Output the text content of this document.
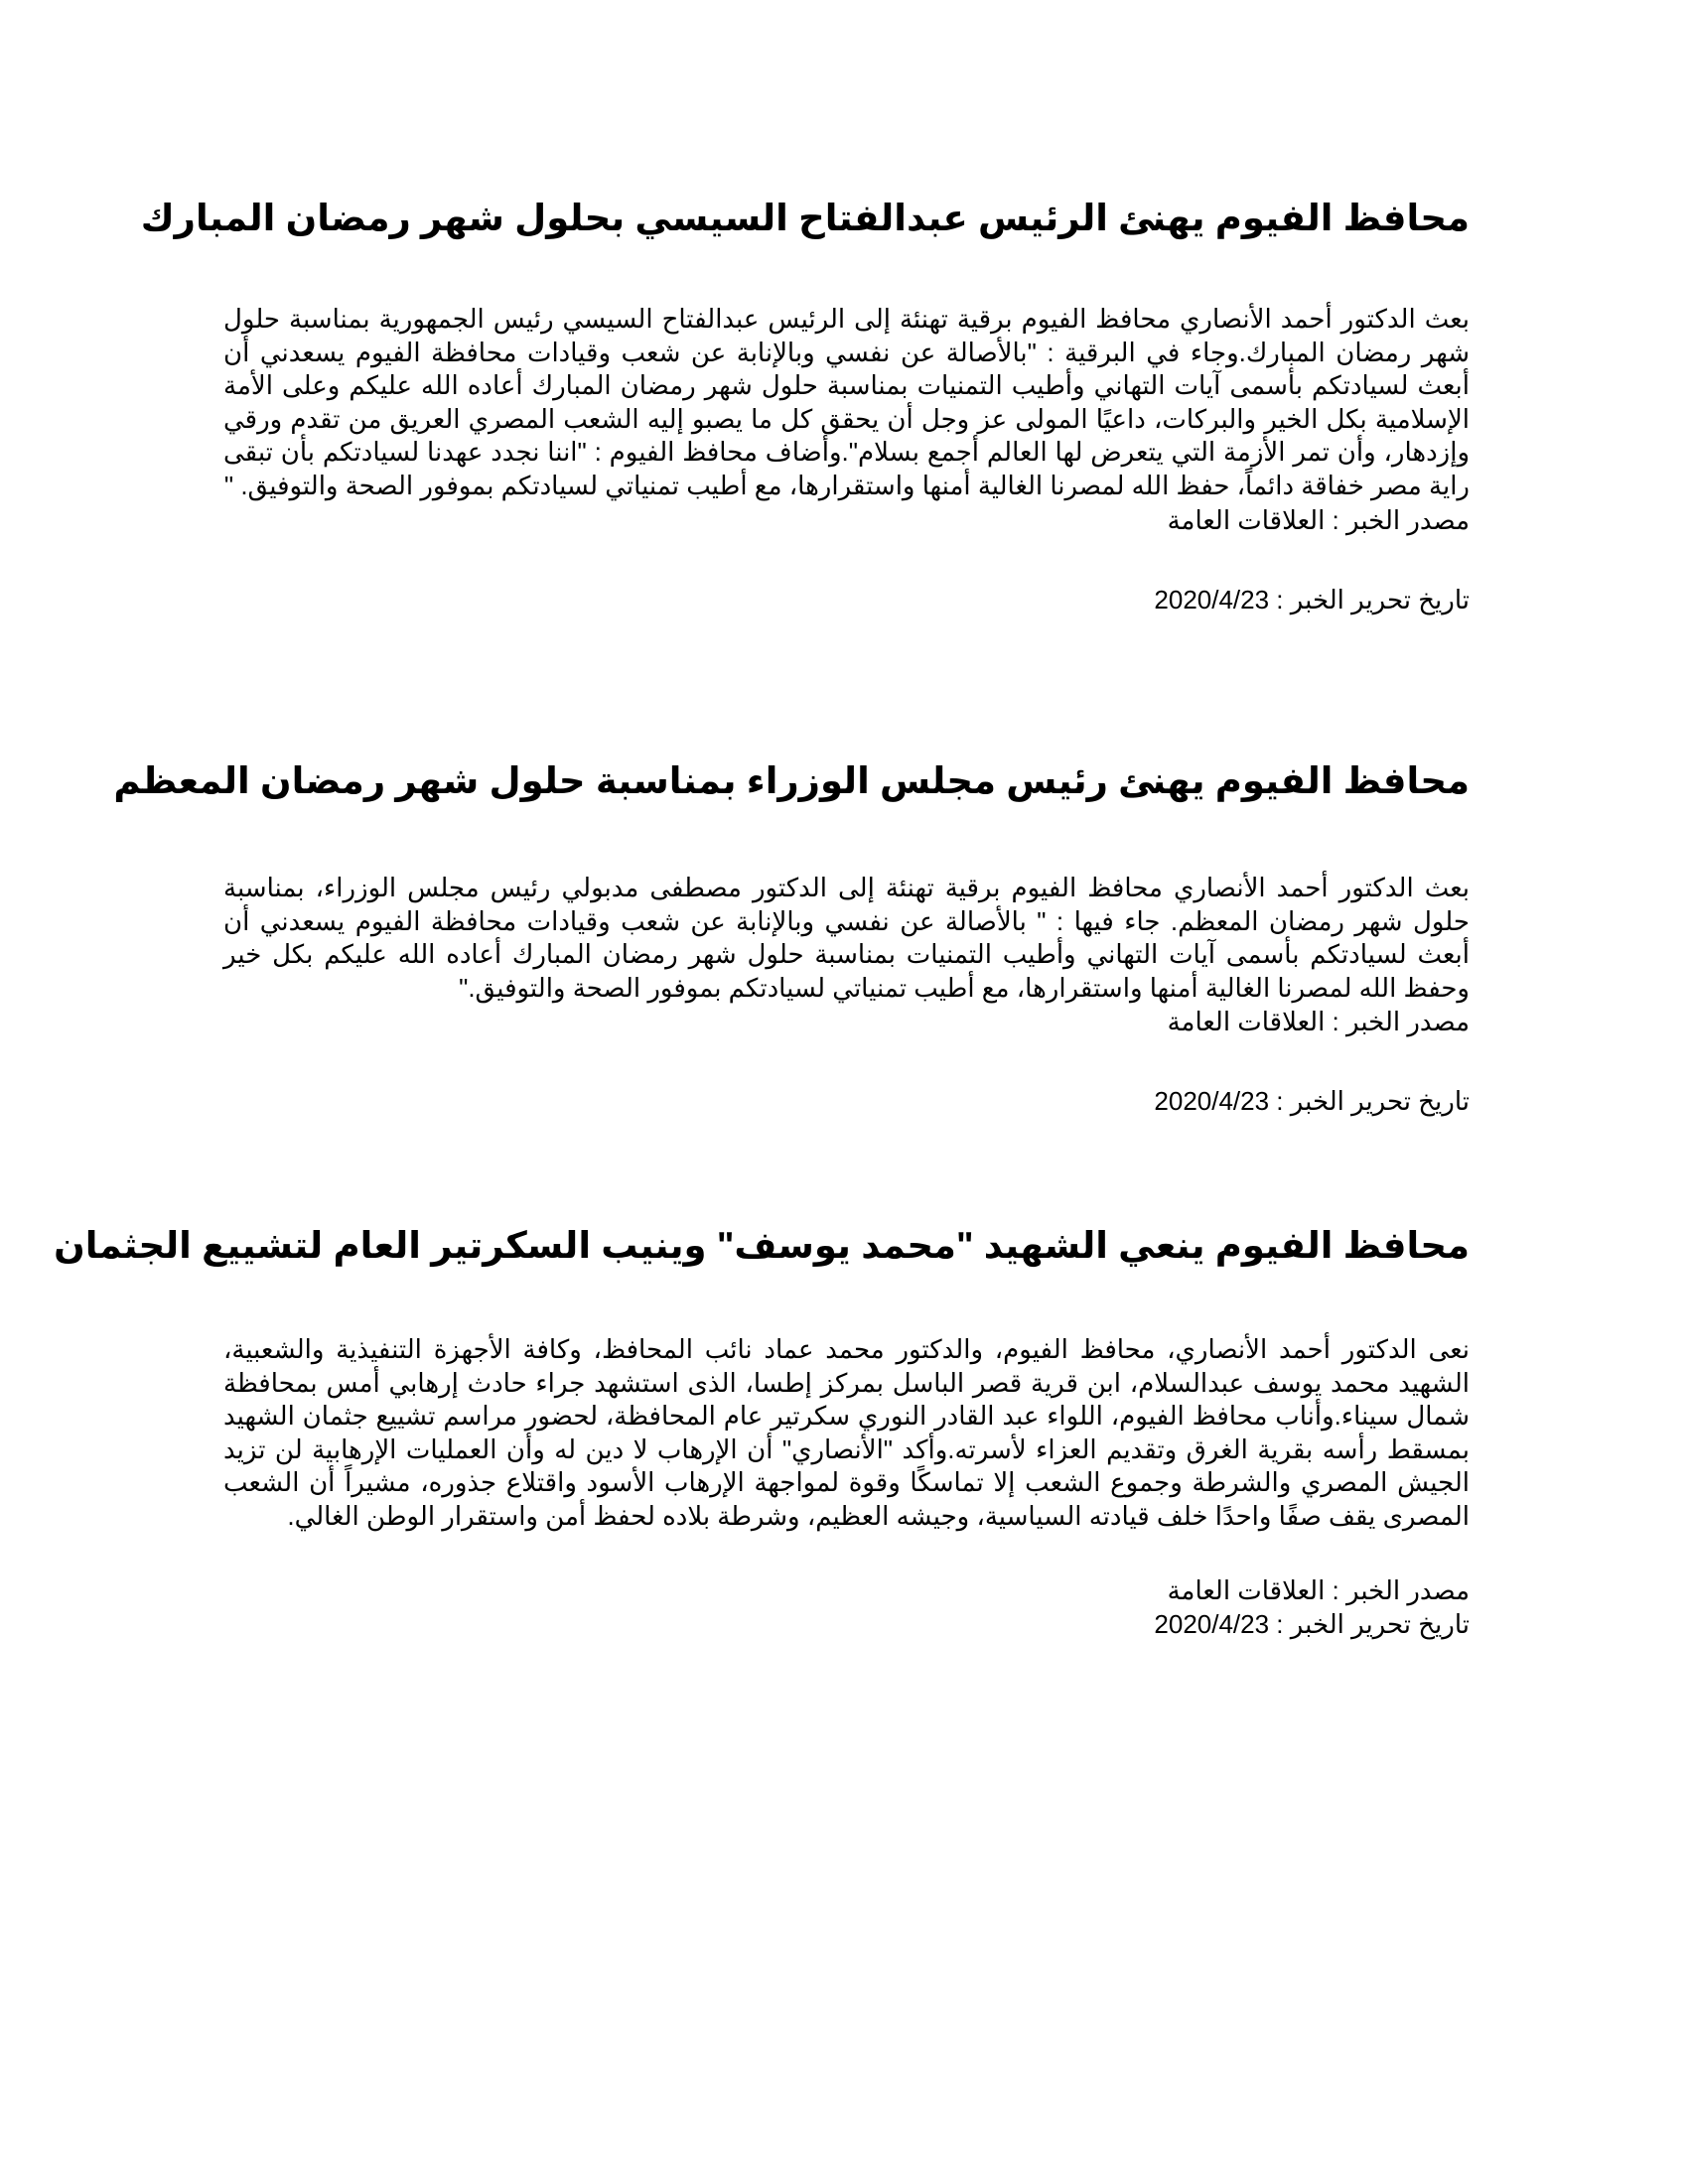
محافظ الفيوم يهنئ الرئيس عبدالفتاح السيسي بحلول شهر رمضان المبارك

بعث الدكتور أحمد الأنصاري محافظ الفيوم برقية تهنئة إلى الرئيس عبدالفتاح السيسي رئيس الجمهورية بمناسبة حلول شهر رمضان المبارك.وجاء في البرقية : "بالأصالة عن نفسي وبالإنابة عن شعب وقيادات محافظة الفيوم يسعدني أن أبعث لسيادتكم بأسمى آيات التهاني وأطيب التمنيات بمناسبة حلول شهر رمضان المبارك أعاده الله عليكم وعلى الأمة الإسلامية بكل الخير والبركات، داعيًا المولى عز وجل أن يحقق كل ما يصبو إليه الشعب المصري العريق من تقدم ورقي وإزدهار، وأن تمر الأزمة التي يتعرض لها العالم أجمع بسلام".وأضاف محافظ الفيوم : "اننا نجدد عهدنا لسيادتكم بأن تبقى راية مصر خفاقة دائماً، حفظ الله لمصرنا الغالية أمنها واستقرارها، مع أطيب تمنياتي لسيادتكم بموفور الصحة والتوفيق. "

مصدر الخبر : العلاقات العامة

تاريخ تحرير الخبر : 2020/4/23

محافظ الفيوم يهنئ رئيس مجلس الوزراء بمناسبة حلول شهر رمضان المعظم

بعث الدكتور أحمد الأنصاري محافظ الفيوم برقية تهنئة إلى الدكتور مصطفى مدبولي رئيس مجلس الوزراء، بمناسبة حلول شهر رمضان المعظم. جاء فيها : " بالأصالة عن نفسي وبالإنابة عن شعب وقيادات محافظة الفيوم يسعدني أن أبعث لسيادتكم بأسمى آيات التهاني وأطيب التمنيات بمناسبة حلول شهر رمضان المبارك أعاده الله عليكم بكل خير وحفظ الله لمصرنا الغالية أمنها واستقرارها، مع أطيب تمنياتي لسيادتكم بموفور الصحة والتوفيق."

مصدر الخبر : العلاقات العامة

تاريخ تحرير الخبر : 2020/4/23

محافظ الفيوم ينعي الشهيد "محمد يوسف" وينيب السكرتير العام لتشييع الجثمان

نعى الدكتور أحمد الأنصاري، محافظ الفيوم، والدكتور محمد عماد نائب المحافظ، وكافة الأجهزة التنفيذية والشعبية، الشهيد محمد يوسف عبدالسلام، ابن قرية قصر الباسل بمركز إطسا، الذى استشهد جراء حادث إرهابي أمس بمحافظة شمال سيناء.وأناب محافظ الفيوم، اللواء عبد القادر النوري سكرتير عام المحافظة، لحضور مراسم تشييع جثمان الشهيد بمسقط رأسه بقرية الغرق وتقديم العزاء لأسرته.وأكد "الأنصاري" أن الإرهاب لا دين له وأن العمليات الإرهابية لن تزيد الجيش المصري والشرطة وجموع الشعب إلا تماسكًا وقوة لمواجهة الإرهاب الأسود واقتلاع جذوره، مشيراً أن الشعب المصرى يقف صفًا واحدًا خلف قيادته السياسية، وجيشه العظيم، وشرطة بلاده لحفظ أمن واستقرار الوطن الغالي.

مصدر الخبر : العلاقات العامة

تاريخ تحرير الخبر : 2020/4/23
